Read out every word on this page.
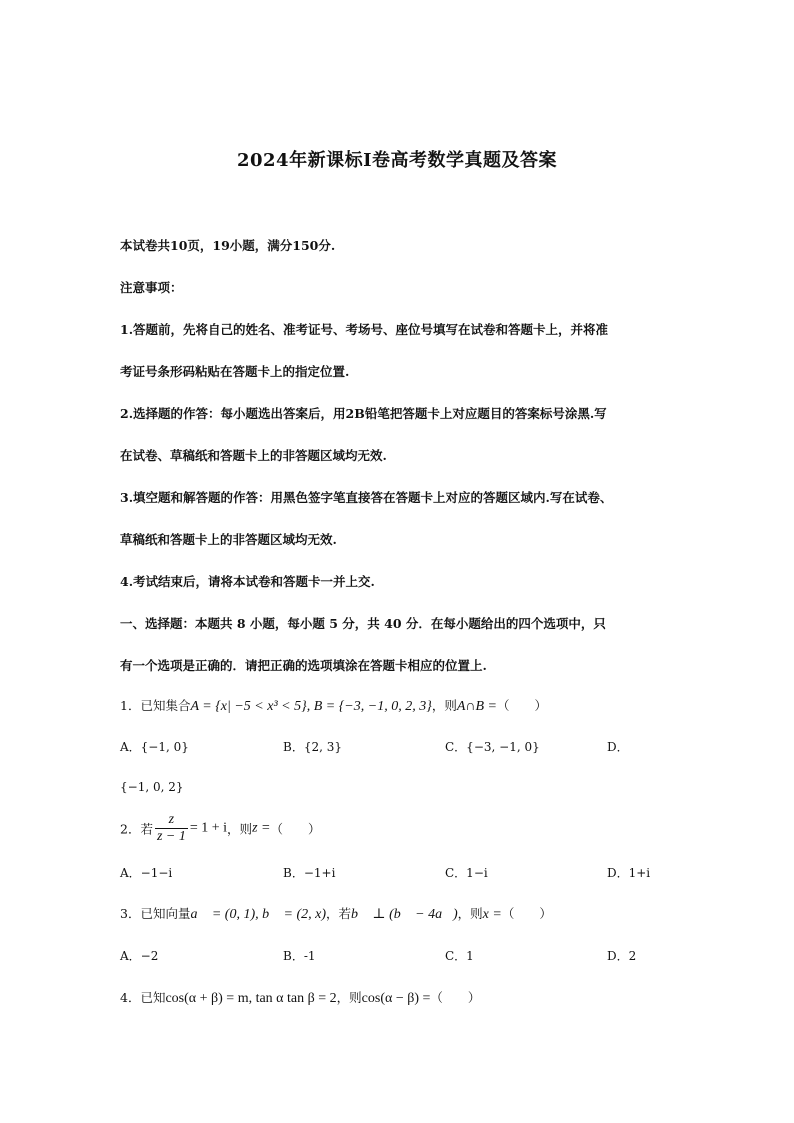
2024年新课标I卷高考数学真题及答案
本试卷共10页，19小题，满分150分.
注意事项：
1.答题前，先将自己的姓名、准考证号、考场号、座位号填写在试卷和答题卡上，并将准
考证号条形码粘贴在答题卡上的指定位置.
2.选择题的作答：每小题选出答案后，用2B铅笔把答题卡上对应题目的答案标号涂黑.写
在试卷、草稿纸和答题卡上的非答题区域均无效.
3.填空题和解答题的作答：用黑色签字笔直接答在答题卡上对应的答题区域内.写在试卷、
草稿纸和答题卡上的非答题区域均无效.
4.考试结束后，请将本试卷和答题卡一并上交.
一、选择题：本题共 8 小题，每小题 5 分，共 40 分．在每小题给出的四个选项中，只
有一个选项是正确的．请把正确的选项填涂在答题卡相应的位置上.
1．已知集合A = {x| −5 < x³ < 5}, B = {−3, −1, 0, 2, 3}，则A∩B =（　　）
A．{−1, 0}	B．{2, 3}	C．{−3, −1, 0}	D．
{−1, 0, 2}
2．若 $\frac{z}{z - 1} = 1 + i$，则z =（　　）
A．−1−i	B．−1+i	C．1−i	D．1+i
3．已知向量a⃗ = (0, 1), b⃗ = (2, x)，若b⃗ ⊥ (b⃗ − 4a⃗)，则x =（　　）
A．−2	B．-1	C．1	D．2
4．已知cos(α + β) = m, tan α tan β = 2，则cos(α − β) =（　　）
